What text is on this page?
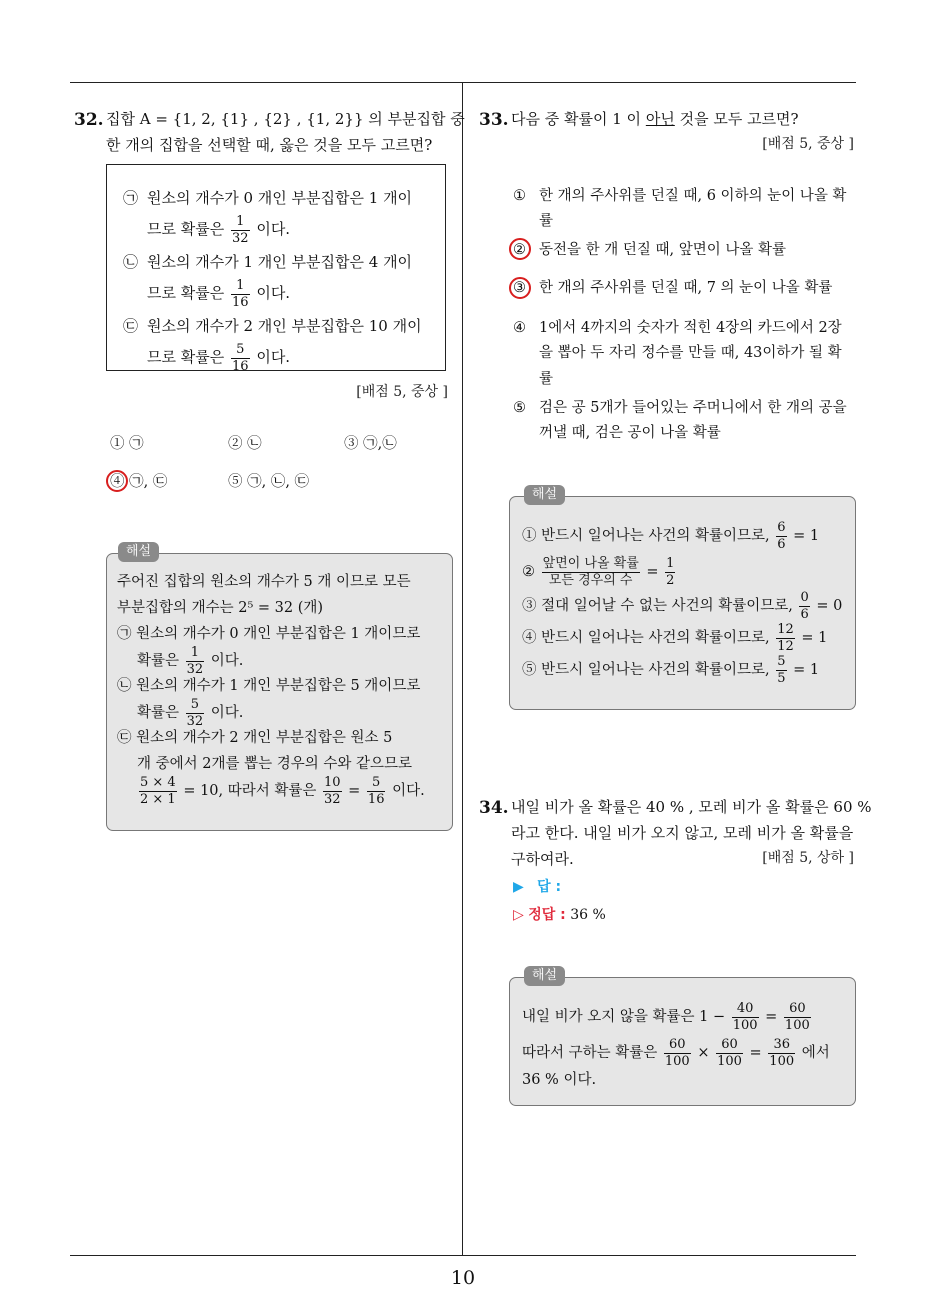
10
32. 집합 A = {1, 2, {1} , {2} , {1, 2}} 의 부분집합 중
한 개의 집합을 선택할 때, 옳은 것을 모두 고르면?
㉠ 원소의 개수가 0 개인 부분집합은 1 개이
므로 확률은 $\frac{1}{32}$ 이다.
㉡ 원소의 개수가 1 개인 부분집합은 4 개이
므로 확률은 $\frac{1}{16}$ 이다.
㉢ 원소의 개수가 2 개인 부분집합은 10 개이
므로 확률은 $\frac{5}{16}$ 이다.
[배점 5, 중상 ]
① ㉠	② ㉡	③ ㉠,㉡
④ ㉠, ㉢	⑤ ㉠, ㉡, ㉢
주어진 집합의 원소의 개수가 5 개 이므로 모든
부분집합의 개수는 2⁵ = 32 (개)
㉠ 원소의 개수가 0 개인 부분집합은 1 개이므로
확률은 $\frac{1}{32}$ 이다.
㉡ 원소의 개수가 1 개인 부분집합은 5 개이므로
확률은 $\frac{5}{32}$ 이다.
㉢ 원소의 개수가 2 개인 부분집합은 원소 5
개 중에서 2개를 뽑는 경우의 수와 같으므로
$\frac{5 \times 4}{2 \times 1} = 10$, 따라서 확률은 $\frac{10}{32} = \frac{5}{16}$ 이다.
해설
33. 다음 중 확률이 1 이 아닌 것을 모두 고르면?
[배점 5, 중상 ]
① 한 개의 주사위를 던질 때, 6 이하의 눈이 나올 확률
② 동전을 한 개 던질 때, 앞면이 나올 확률
③ 한 개의 주사위를 던질 때, 7 의 눈이 나올 확률
④ 1에서 4까지의 숫자가 적힌 4장의 카드에서 2장을 뽑아 두 자리 정수를 만들 때, 43이하가 될 확률
⑤ 검은 공 5개가 들어있는 주머니에서 한 개의 공을 꺼낼 때, 검은 공이 나올 확률
① 반드시 일어나는 사건의 확률이므로, $\frac{6}{6} = 1$
② $\frac{\text{앞면이 나올 확률}}{\text{모든 경우의 수}} = \frac{1}{2}$
③ 절대 일어날 수 없는 사건의 확률이므로, $\frac{0}{6} = 0$
④ 반드시 일어나는 사건의 확률이므로, $\frac{12}{12} = 1$
⑤ 반드시 일어나는 사건의 확률이므로, $\frac{5}{5} = 1$
해설
34. 내일 비가 올 확률은 40 % , 모레 비가 올 확률은 60 %
라고 한다. 내일 비가 오지 않고, 모레 비가 올 확률을
구하여라.	[배점 5, 상하 ]
▶ 답 :
▷ 정답 : 36 %
내일 비가 오지 않을 확률은 $1 - \frac{40}{100} = \frac{60}{100}$
따라서 구하는 확률은 $\frac{60}{100} \times \frac{60}{100} = \frac{36}{100}$ 에서
36 % 이다.
해설
